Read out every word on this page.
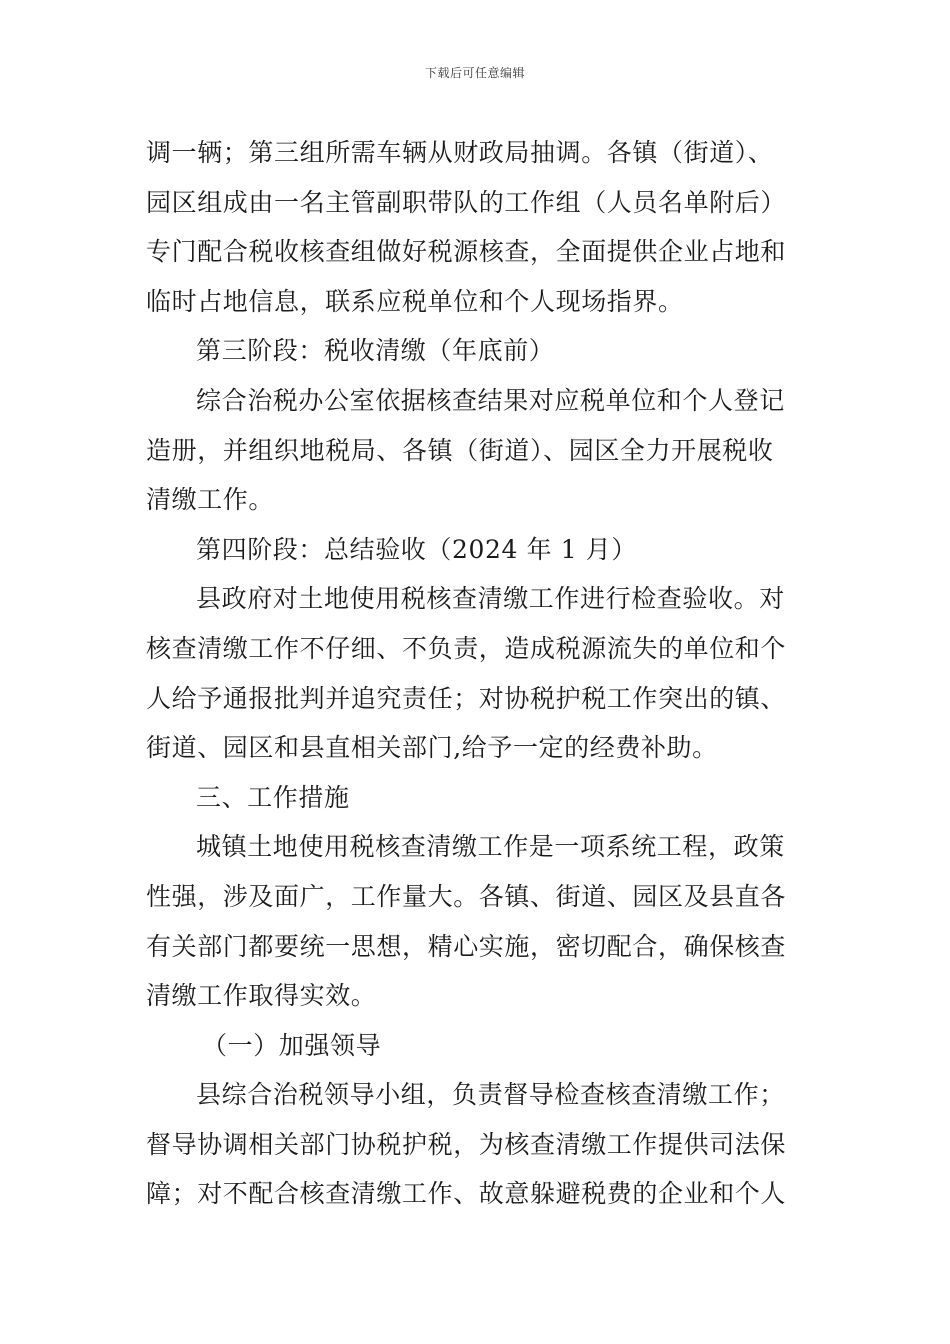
下载后可任意编辑
调一辆；第三组所需车辆从财政局抽调。各镇（街道）、
园区组成由一名主管副职带队的工作组（人员名单附后）
专门配合税收核查组做好税源核查，全面提供企业占地和
临时占地信息，联系应税单位和个人现场指界。
第三阶段：税收清缴（年底前）
综合治税办公室依据核查结果对应税单位和个人登记
造册，并组织地税局、各镇（街道）、园区全力开展税收
清缴工作。
第四阶段：总结验收（2024 年 1 月）
县政府对土地使用税核查清缴工作进行检查验收。对
核查清缴工作不仔细、不负责，造成税源流失的单位和个
人给予通报批判并追究责任；对协税护税工作突出的镇、
街道、园区和县直相关部门,给予一定的经费补助。
三、工作措施
城镇土地使用税核查清缴工作是一项系统工程，政策
性强，涉及面广，工作量大。各镇、街道、园区及县直各
有关部门都要统一思想，精心实施，密切配合，确保核查
清缴工作取得实效。
（一）加强领导
县综合治税领导小组，负责督导检查核查清缴工作；
督导协调相关部门协税护税，为核查清缴工作提供司法保
障；对不配合核查清缴工作、故意躲避税费的企业和个人
